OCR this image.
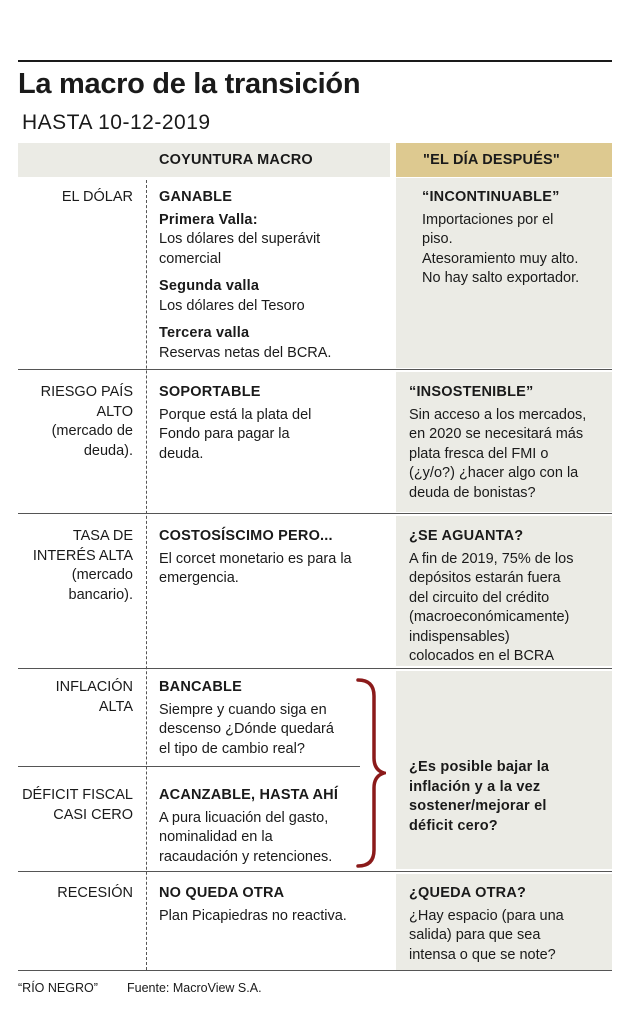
La macro de la transición
HASTA 10-12-2019
COYUNTURA MACRO	"EL DÍA DESPUÉS"
EL DÓLAR GANABLE
Primera Valla:
Los dólares del superávit
comercial
Segunda valla
Los dólares del Tesoro
Tercera valla
Reservas netas del BCRA.
“INCONTINUABLE”
Importaciones por el
piso.
Atesoramiento muy alto.
No hay salto exportador.
RIESGO PAÍS
ALTO
(mercado de
deuda).
SOPORTABLE
Porque está la plata del
Fondo para pagar la
deuda.
“INSOSTENIBLE”
Sin acceso a los mercados,
en 2020 se necesitará más
plata fresca del FMI o
(¿y/o?) ¿hacer algo con la
deuda de bonistas?
TASA DE
INTERÉS ALTA
(mercado
bancario).
COSTOSÍSCIMO PERO...
El corcet monetario es para la
emergencia.
¿SE AGUANTA?
A fin de 2019, 75% de los
depósitos estarán fuera
del circuito del crédito
(macroeconómicamente)
indispensables)
colocados en el BCRA
INFLACIÓN
ALTA
BANCABLE
Siempre y cuando siga en
descenso ¿Dónde quedará
el tipo de cambio real?
DÉFICIT FISCAL
CASI CERO
ACANZABLE, HASTA AHÍ
A pura licuación del gasto,
nominalidad en la
racaudación y retenciones.
¿Es posible bajar la
inflación y a la vez
sostener/mejorar el
déficit cero?
RECESIÓN NO QUEDA OTRA
Plan Picapiedras no reactiva.
¿QUEDA OTRA?
¿Hay espacio (para una
salida) para que sea
intensa o que se note?
“RÍO NEGRO” Fuente: MacroView S.A.
